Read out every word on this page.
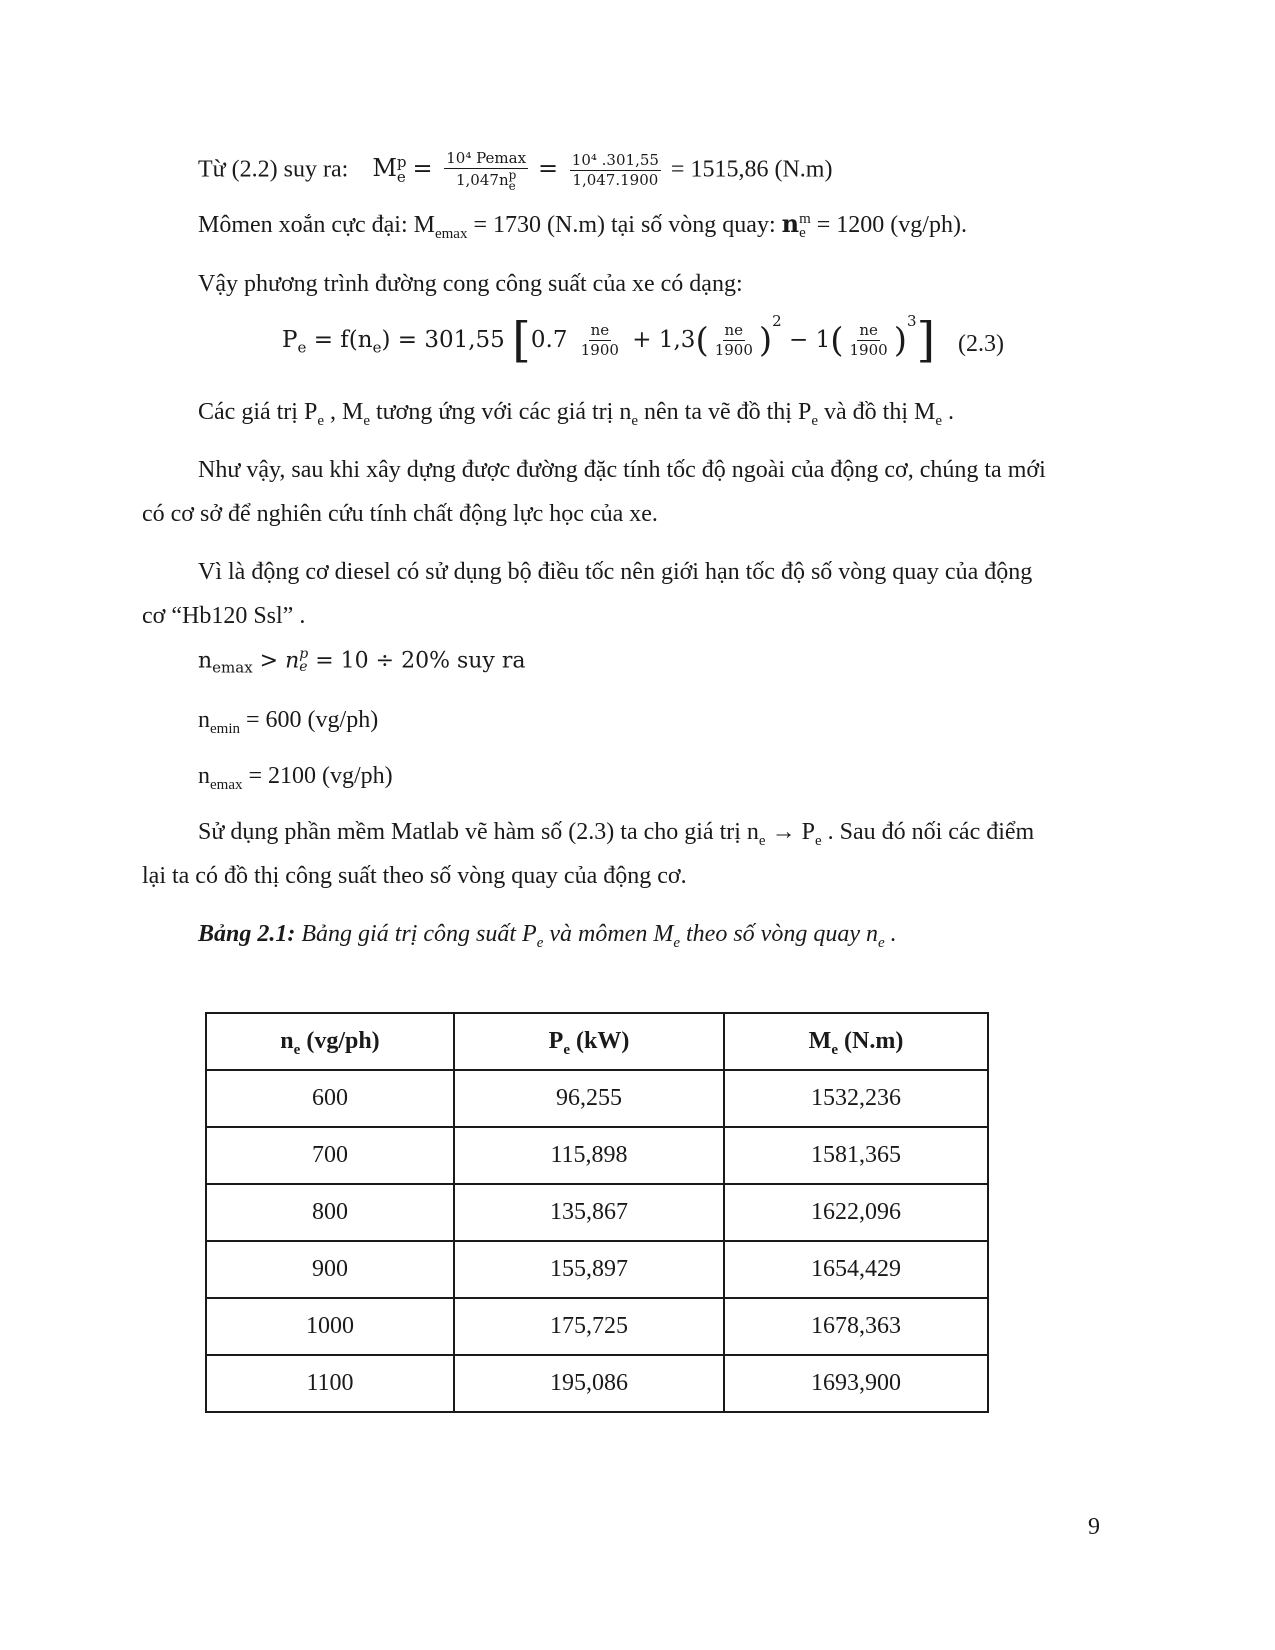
Từ (2.2) suy ra: M p
e = 10⁴ Pemax
1,047n p
$e = \frac{\text{10⁴ .301,55}}{1,047.1900} = 1515,86$ (N.m)
Mômen xoắn cực đại: $M_{emax} = 1730$ (N.m) tại số vòng quay: n m
e = 1200 (vg/ph).
Vậy phương trình đường cong công suất của xe có dạng:
$P_e = f(n_e) = 301,55$ $[0.7 \frac{ne}{1900} + 1,3( \frac{ne}{1900} )^2 - 1( \frac{ne}{1900} )^3]$ (2.3)
Các giá trị $P_e$ , $M_e$ tương ứng với các giá trị $n_e$ nên ta vẽ đồ thị $P_e$ và đồ thị $M_e$ .
Như vậy, sau khi xây dựng được đường đặc tính tốc độ ngoài của động cơ, chúng ta mới
có cơ sở để nghiên cứu tính chất động lực học của xe.
Vì là động cơ diesel có sử dụng bộ điều tốc nên giới hạn tốc độ số vòng quay của động
cơ “Hb120 Ssl” .
$n_{emax} > n$ p
e = 10 ÷ 20% suy ra
$n_{emin} = 600$ (vg/ph)
$n_{emax} = 2100$ (vg/ph)
Sử dụng phần mềm Matlab vẽ hàm số (2.3) ta cho giá trị $n_e \to P_e$ . Sau đó nối các điểm
lại ta có đồ thị công suất theo số vòng quay của động cơ.
Bảng 2.1: Bảng giá trị công suất $P_e$ và mômen $M_e$ theo số vòng quay $n_e$ .
$n_e$ (vg/ph)	$P_e$ (kW)	$M_e$ (N.m)
600	96,255	1532,236
700	115,898	1581,365
800	135,867	1622,096
900	155,897	1654,429
1000	175,725	1678,363
1100	195,086	1693,900
9
